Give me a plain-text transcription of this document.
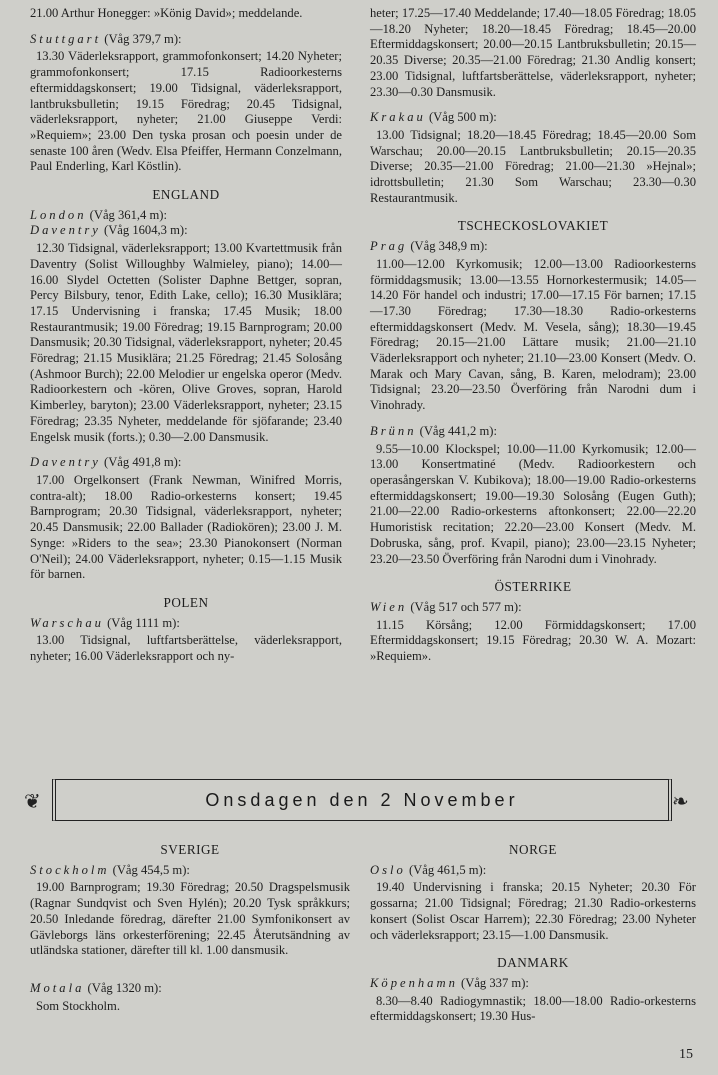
21.00 Arthur Honegger: »König David»; meddelande.

Stuttgart (Våg 379,7 m):

13.30 Väderleksrapport, grammofonkonsert; 14.20 Nyheter; grammofonkonsert; 17.15 Radioorkesterns eftermiddagskonsert; 19.00 Tidsignal, väderleksrapport, lantbruksbulletin; 19.15 Föredrag; 20.45 Tidsignal, väderleksrapport, nyheter; 21.00 Giuseppe Verdi: »Requiem»; 23.00 Den tyska prosan och poesin under de senaste 100 åren (Wedv. Elsa Pfeiffer, Hermann Conzelmann, Paul Enderling, Karl Köstlin).

ENGLAND

London (Våg 361,4 m):

Daventry (Våg 1604,3 m):

12.30 Tidsignal, väderleksrapport; 13.00 Kvartettmusik från Daventry (Solist Willoughby Walmieley, piano); 14.00—16.00 Slydel Octetten (Solister Daphne Bettger, sopran, Percy Bilsbury, tenor, Edith Lake, cello); 16.30 Musiklära; 17.15 Undervisning i franska; 17.45 Musik; 18.00 Restaurantmusik; 19.00 Föredrag; 19.15 Barnprogram; 20.00 Dansmusik; 20.30 Tidsignal, väderleksrapport, nyheter; 20.45 Föredrag; 21.15 Musiklära; 21.25 Föredrag; 21.45 Solosång (Ashmoor Burch); 22.00 Melodier ur engelska operor (Medv. Radioorkestern och -kören, Olive Groves, sopran, Harold Kimberley, baryton); 23.00 Väderleksrapport, nyheter; 23.15 Föredrag; 23.35 Nyheter, meddelande för sjöfarande; 23.40 Engelsk musik (forts.); 0.30—2.00 Dansmusik.

Daventry (Våg 491,8 m):

17.00 Orgelkonsert (Frank Newman, Winifred Morris, contra-alt); 18.00 Radio-orkesterns konsert; 19.45 Barnprogram; 20.30 Tidsignal, väderleksrapport, nyheter; 20.45 Dansmusik; 22.00 Ballader (Radiokören); 23.00 J. M. Synge: »Riders to the sea»; 23.30 Pianokonsert (Norman O'Neil); 24.00 Väderleksrapport, nyheter; 0.15—1.15 Musik för barnen.

POLEN

Warschau (Våg 1111 m):

13.00 Tidsignal, luftfartsberättelse, väderleksrapport, nyheter; 16.00 Väderleksrapport och ny-

heter; 17.25—17.40 Meddelande; 17.40—18.05 Föredrag; 18.05—18.20 Nyheter; 18.20—18.45 Föredrag; 18.45—20.00 Eftermiddagskonsert; 20.00—20.15 Lantbruksbulletin; 20.15—20.35 Diverse; 20.35—21.00 Föredrag; 21.30 Andlig konsert; 23.00 Tidsignal, luftfartsberättelse, väderleksrapport, nyheter; 23.30—0.30 Dansmusik.

Krakau (Våg 500 m):

13.00 Tidsignal; 18.20—18.45 Föredrag; 18.45—20.00 Som Warschau; 20.00—20.15 Lantbruksbulletin; 20.15—20.35 Diverse; 20.35—21.00 Föredrag; 21.00—21.30 »Hejnal»; idrottsbulletin; 21.30 Som Warschau; 23.30—0.30 Restaurantmusik.

TSCHECKOSLOVAKIET

Prag (Våg 348,9 m):

11.00—12.00 Kyrkomusik; 12.00—13.00 Radioorkesterns förmiddagsmusik; 13.00—13.55 Hornorkestermusik; 14.05—14.20 För handel och industri; 17.00—17.15 För barnen; 17.15—17.30 Föredrag; 17.30—18.30 Radio-orkesterns eftermiddagskonsert (Medv. M. Vesela, sång); 18.30—19.45 Föredrag; 20.15—21.00 Lättare musik; 21.00—21.10 Väderleksrapport och nyheter; 21.10—23.00 Konsert (Medv. O. Marak och Mary Cavan, sång, B. Karen, melodram); 23.00 Tidsignal; 23.20—23.50 Överföring från Narodni dum i Vinohrady.

Brünn (Våg 441,2 m):

9.55—10.00 Klockspel; 10.00—11.00 Kyrkomusik; 12.00—13.00 Konsertmatiné (Medv. Radioorkestern och operasångerskan V. Kubikova); 18.00—19.00 Radio-orkesterns eftermiddagskonsert; 19.00—19.30 Solosång (Eugen Guth); 21.00—22.00 Radio-orkesterns aftonkonsert; 22.00—22.20 Humoristisk recitation; 22.20—23.00 Konsert (Medv. M. Dobruska, sång, prof. Kvapil, piano); 23.00—23.15 Nyheter; 23.20—23.50 Överföring från Narodni dum i Vinohrady.

ÖSTERRIKE

Wien (Våg 517 och 577 m):

11.15 Körsång; 12.00 Förmiddagskonsert; 17.00 Eftermiddagskonsert; 19.15 Föredrag; 20.30 W. A. Mozart: »Requiem».

❦	Onsdagen den 2 November	❧
SVERIGE

Stockholm (Våg 454,5 m):

19.00 Barnprogram; 19.30 Föredrag; 20.50 Dragspelsmusik (Ragnar Sundqvist och Sven Hylén); 20.20 Tysk språkkurs; 20.50 Inledande föredrag, därefter 21.00 Symfonikonsert av Gävleborgs läns orkesterförening; 22.45 Återutsändning av utländska stationer, därefter till kl. 1.00 dansmusik.

Motala (Våg 1320 m):

Som Stockholm.

NORGE

Oslo (Våg 461,5 m):

19.40 Undervisning i franska; 20.15 Nyheter; 20.30 För gossarna; 21.00 Tidsignal; Föredrag; 21.30 Radio-orkesterns konsert (Solist Oscar Harrem); 22.30 Föredrag; 23.00 Nyheter och väderleksrapport; 23.15—1.00 Dansmusik.

DANMARK

Köpenhamn (Våg 337 m):

8.30—8.40 Radiogymnastik; 18.00—18.00 Radio-orkesterns eftermiddagskonsert; 19.30 Hus-

15
